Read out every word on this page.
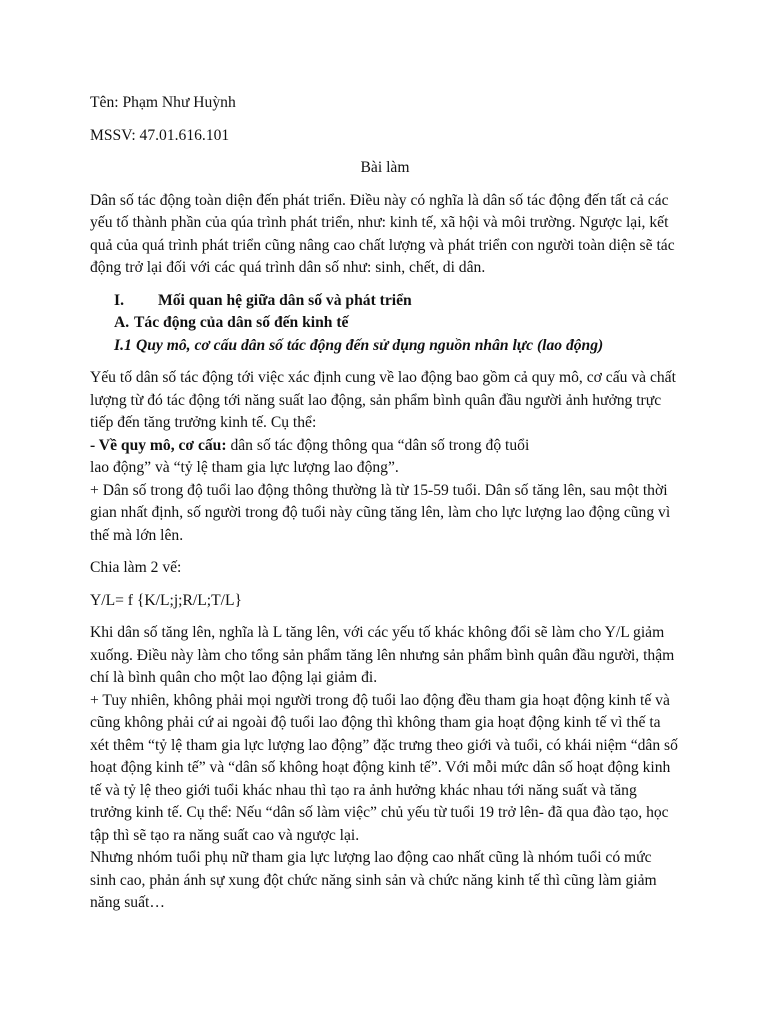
Tên: Phạm Như Huỳnh

MSSV: 47.01.616.101

Bài làm

Dân số tác động toàn diện đến phát triển. Điều này có nghĩa là dân số tác động đến tất cả các yếu tố thành phần của qúa trình phát triển, như: kinh tế, xã hội và môi trường. Ngược lại, kết quả của quá trình phát triển cũng nâng cao chất lượng và phát triển con người toàn diện sẽ tác động trở lại đối với các quá trình dân số như: sinh, chết, di dân.

I.	Mối quan hệ giữa dân số và phát triển
A. Tác động của dân số đến kinh tế
I.1 Quy mô, cơ cấu dân số tác động đến sử dụng nguồn nhân lực (lao động)

Yếu tố dân số tác động tới việc xác định cung về lao động bao gồm cả quy mô, cơ cấu và chất lượng từ đó tác động tới năng suất lao động, sản phẩm bình quân đầu người ảnh hưởng trực tiếp đến tăng trưởng kinh tế. Cụ thể:

- Về quy mô, cơ cấu: dân số tác động thông qua “dân số trong độ tuổi

lao động” và “tỷ lệ tham gia lực lượng lao động”.

+ Dân số trong độ tuổi lao động thông thường là từ 15-59 tuổi. Dân số tăng lên, sau một thời gian nhất định, số người trong độ tuổi này cũng tăng lên, làm cho lực lượng lao động cũng vì thế mà lớn lên.

Chia làm 2 vế:

Y/L= f {K/L;j;R/L;T/L}

Khi dân số tăng lên, nghĩa là L tăng lên, với các yếu tố khác không đổi sẽ làm cho Y/L giảm xuống. Điều này làm cho tổng sản phẩm tăng lên nhưng sản phẩm bình quân đầu người, thậm chí là bình quân cho một lao động lại giảm đi.

+ Tuy nhiên, không phải mọi người trong độ tuổi lao động đều tham gia hoạt động kinh tế và cũng không phải cứ ai ngoài độ tuổi lao động thì không tham gia hoạt động kinh tế vì thế ta xét thêm “tỷ lệ tham gia lực lượng lao động” đặc trưng theo giới và tuổi, có khái niệm “dân số hoạt động kinh tế” và “dân số không hoạt động kinh tế”. Với mỗi mức dân số hoạt động kinh tế và tỷ lệ theo giới tuổi khác nhau thì tạo ra ảnh hưởng khác nhau tới năng suất và tăng trưởng kinh tế. Cụ thể: Nếu “dân số làm việc” chủ yếu từ tuổi 19 trở lên- đã qua đào tạo, học tập thì sẽ tạo ra năng suất cao và ngược lại.

Nhưng nhóm tuổi phụ nữ tham gia lực lượng lao động cao nhất cũng là nhóm tuổi có mức sinh cao, phản ánh sự xung đột chức năng sinh sản và chức năng kinh tế thì cũng làm giảm năng suất…
